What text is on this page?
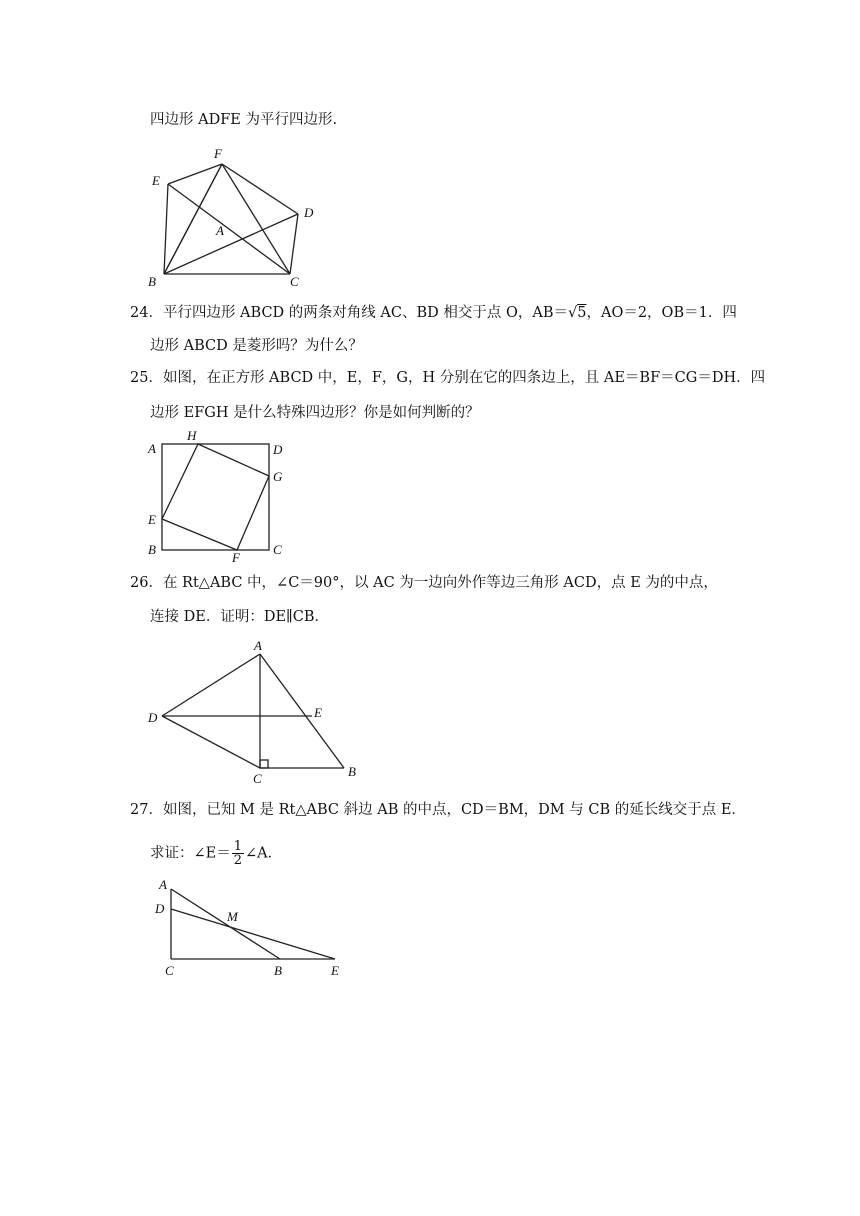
四边形 ADFE 为平行四边形.
F
E
D
A
B	C
24．平行四边形 ABCD 的两条对角线 AC、BD 相交于点 O，AB＝√5，AO＝2，OB＝1．四
边形 ABCD 是菱形吗？为什么？
25．如图，在正方形 ABCD 中，E，F，G，H 分别在它的四条边上，且 AE＝BF＝CG＝DH．四
边形 EFGH 是什么特殊四边形？你是如何判断的？
A
H
D
G
E
B
F
C
26．在 Rt△ABC 中，∠C＝90°，以 AC 为一边向外作等边三角形 ACD，点 E 为的中点，
连接 DE．证明：DE∥CB．
A
D	E
C	B
27．如图，已知 M 是 Rt△ABC 斜边 AB 的中点，CD＝BM，DM 与 CB 的延长线交于点 E．
求证：∠E＝ $\frac{1}{2}$ ∠A．
A
D
M
C	B	E
